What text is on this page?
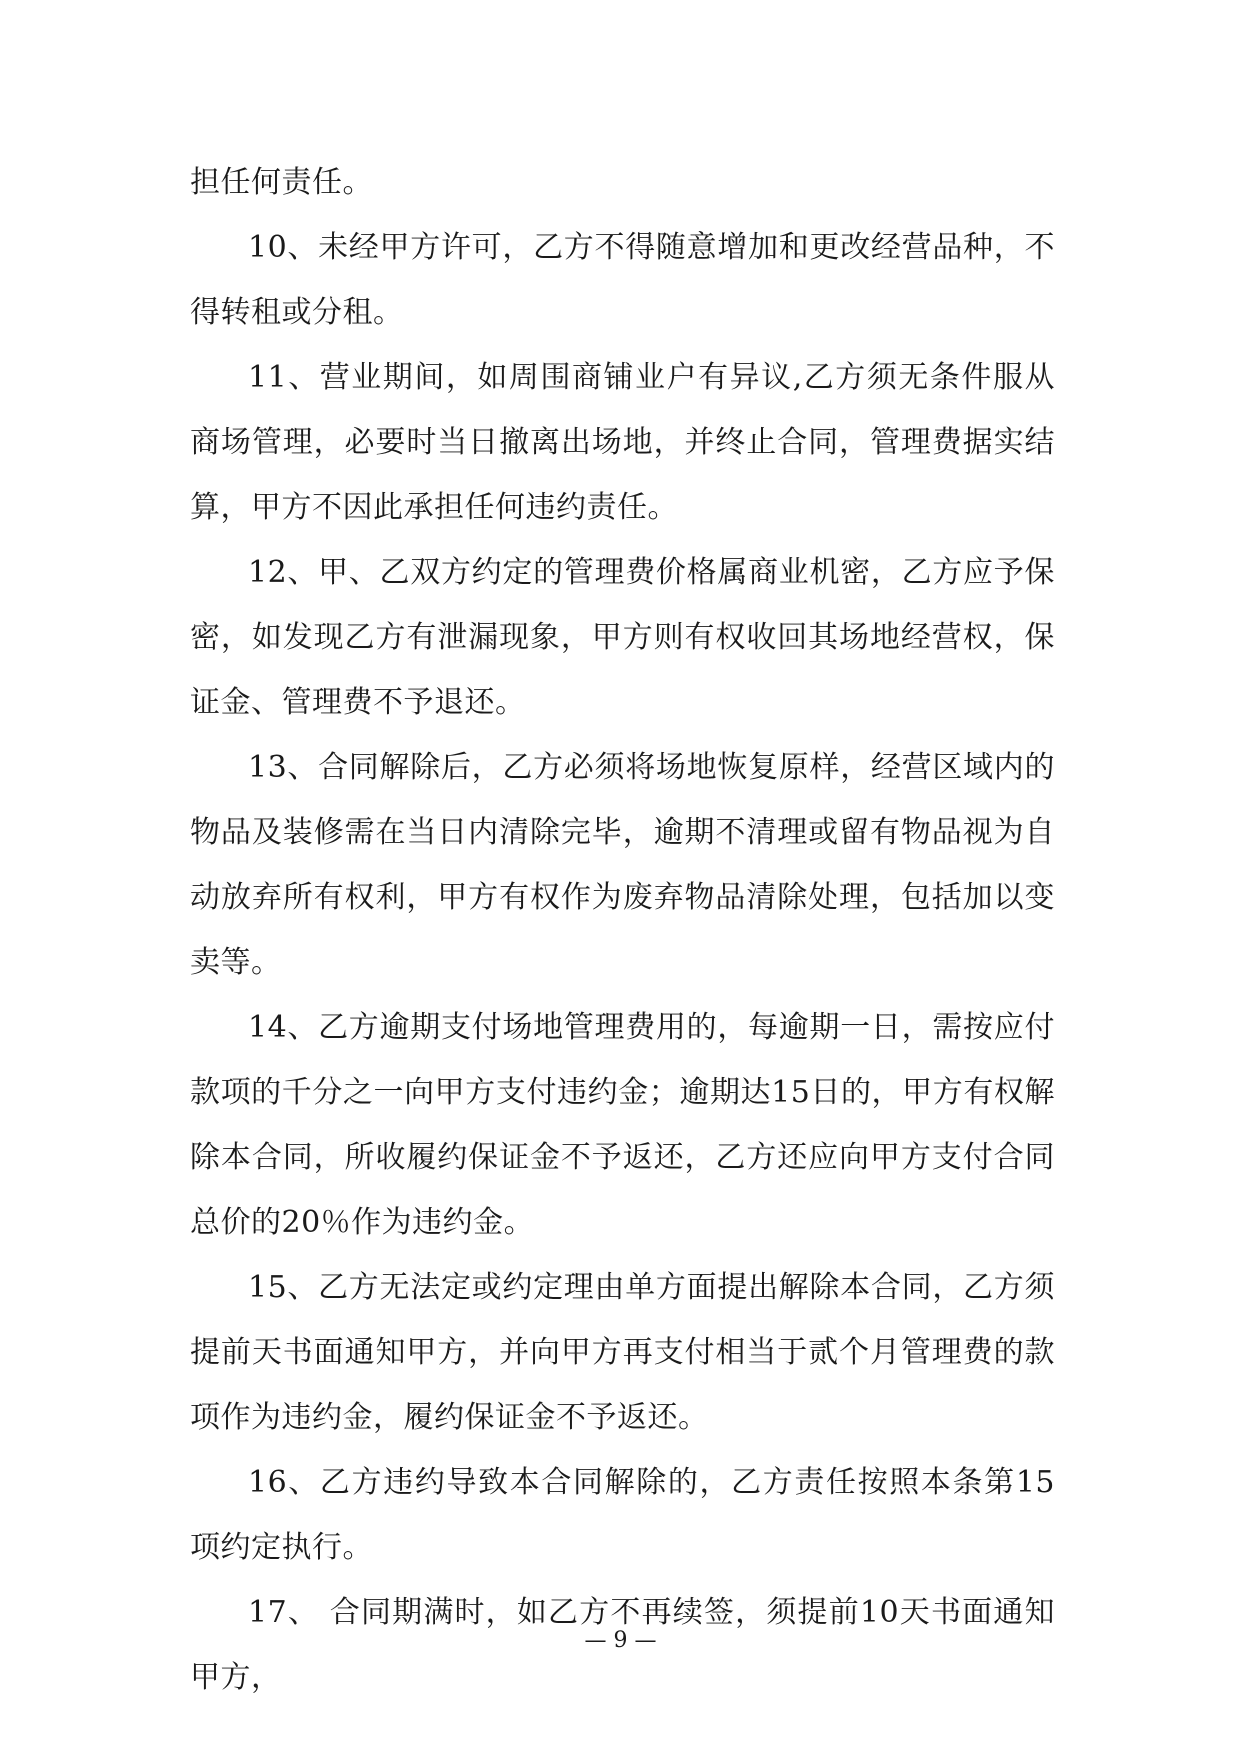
担任何责任。

10、未经甲方许可，乙方不得随意增加和更改经营品种，不得转租或分租。

11、营业期间，如周围商铺业户有异议,乙方须无条件服从商场管理，必要时当日撤离出场地，并终止合同，管理费据实结算，甲方不因此承担任何违约责任。

12、甲、乙双方约定的管理费价格属商业机密，乙方应予保密，如发现乙方有泄漏现象，甲方则有权收回其场地经营权，保证金、管理费不予退还。

13、合同解除后，乙方必须将场地恢复原样，经营区域内的物品及装修需在当日内清除完毕，逾期不清理或留有物品视为自动放弃所有权利，甲方有权作为废弃物品清除处理，包括加以变卖等。

14、乙方逾期支付场地管理费用的，每逾期一日，需按应付款项的千分之一向甲方支付违约金；逾期达15日的，甲方有权解除本合同，所收履约保证金不予返还，乙方还应向甲方支付合同总价的20％作为违约金。

15、乙方无法定或约定理由单方面提出解除本合同，乙方须提前天书面通知甲方，并向甲方再支付相当于贰个月管理费的款项作为违约金，履约保证金不予返还。

16、乙方违约导致本合同解除的，乙方责任按照本条第15项约定执行。

17、 合同期满时，如乙方不再续签，须提前10天书面通知甲方，

— 9 —
